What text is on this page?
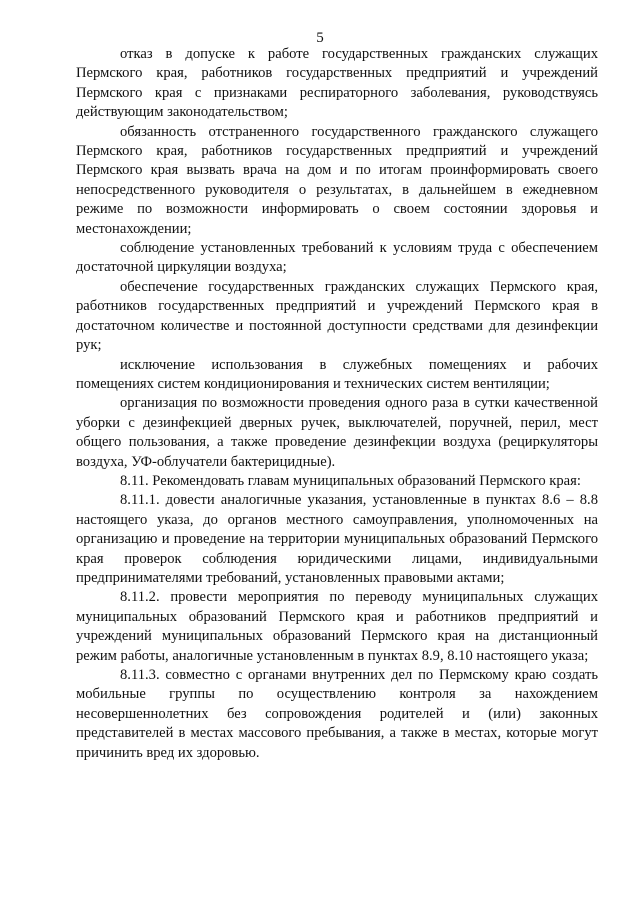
5

отказ в допуске к работе государственных гражданских служащих Пермского края, работников государственных предприятий и учреждений Пермского края с признаками респираторного заболевания, руководствуясь действующим законодательством;

обязанность отстраненного государственного гражданского служащего Пермского края, работников государственных предприятий и учреждений Пермского края вызвать врача на дом и по итогам проинформировать своего непосредственного руководителя о результатах, в дальнейшем в ежедневном режиме по возможности информировать о своем состоянии здоровья и местонахождении;

соблюдение установленных требований к условиям труда с обеспечением достаточной циркуляции воздуха;

обеспечение государственных гражданских служащих Пермского края, работников государственных предприятий и учреждений Пермского края в достаточном количестве и постоянной доступности средствами для дезинфекции рук;

исключение использования в служебных помещениях и рабочих помещениях систем кондиционирования и технических систем вентиляции;

организация по возможности проведения одного раза в сутки качественной уборки с дезинфекцией дверных ручек, выключателей, поручней, перил, мест общего пользования, а также проведение дезинфекции воздуха (рециркуляторы воздуха, УФ-облучатели бактерицидные).

8.11. Рекомендовать главам муниципальных образований Пермского края:

8.11.1. довести аналогичные указания, установленные в пунктах 8.6 – 8.8 настоящего указа, до органов местного самоуправления, уполномоченных на организацию и проведение на территории муниципальных образований Пермского края проверок соблюдения юридическими лицами, индивидуальными предпринимателями требований, установленных правовыми актами;

8.11.2. провести мероприятия по переводу муниципальных служащих муниципальных образований Пермского края и работников предприятий и учреждений муниципальных образований Пермского края на дистанционный режим работы, аналогичные установленным в пунктах 8.9, 8.10 настоящего указа;

8.11.3. совместно с органами внутренних дел по Пермскому краю создать мобильные группы по осуществлению контроля за нахождением несовершеннолетних без сопровождения родителей и (или) законных представителей в местах массового пребывания, а также в местах, которые могут причинить вред их здоровью.
